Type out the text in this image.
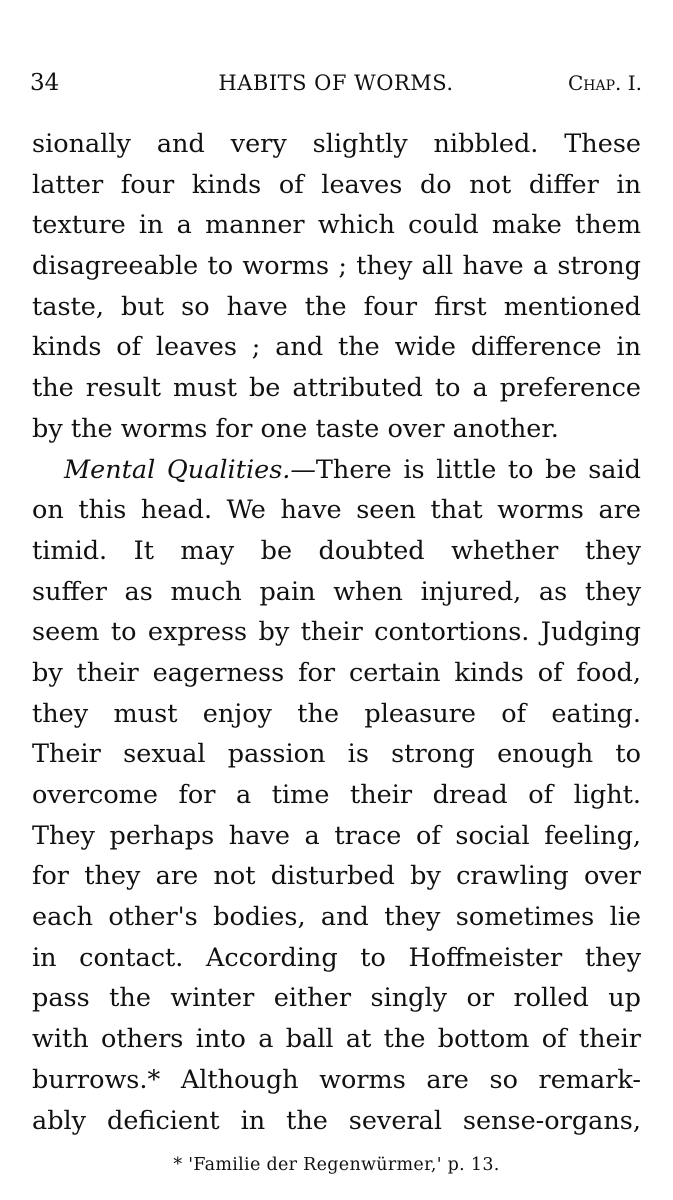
34	HABITS OF WORMS.	Chap. I.
sionally and very slightly nibbled. These
latter four kinds of leaves do not differ in
texture in a manner which could make them
disagreeable to worms ; they all have a strong
taste, but so have the four first mentioned
kinds of leaves ; and the wide difference in
the result must be attributed to a preference
by the worms for one taste over another.
Mental Qualities.—There is little to be said
on this head. We have seen that worms are
timid. It may be doubted whether they
suffer as much pain when injured, as they
seem to express by their contortions. Judging
by their eagerness for certain kinds of food,
they must enjoy the pleasure of eating.
Their sexual passion is strong enough to
overcome for a time their dread of light.
They perhaps have a trace of social feeling,
for they are not disturbed by crawling over
each other's bodies, and they sometimes lie
in contact. According to Hoffmeister they
pass the winter either singly or rolled up
with others into a ball at the bottom of their
burrows.* Although worms are so remark-
ably deficient in the several sense-organs,
* 'Familie der Regenwürmer,' p. 13.
